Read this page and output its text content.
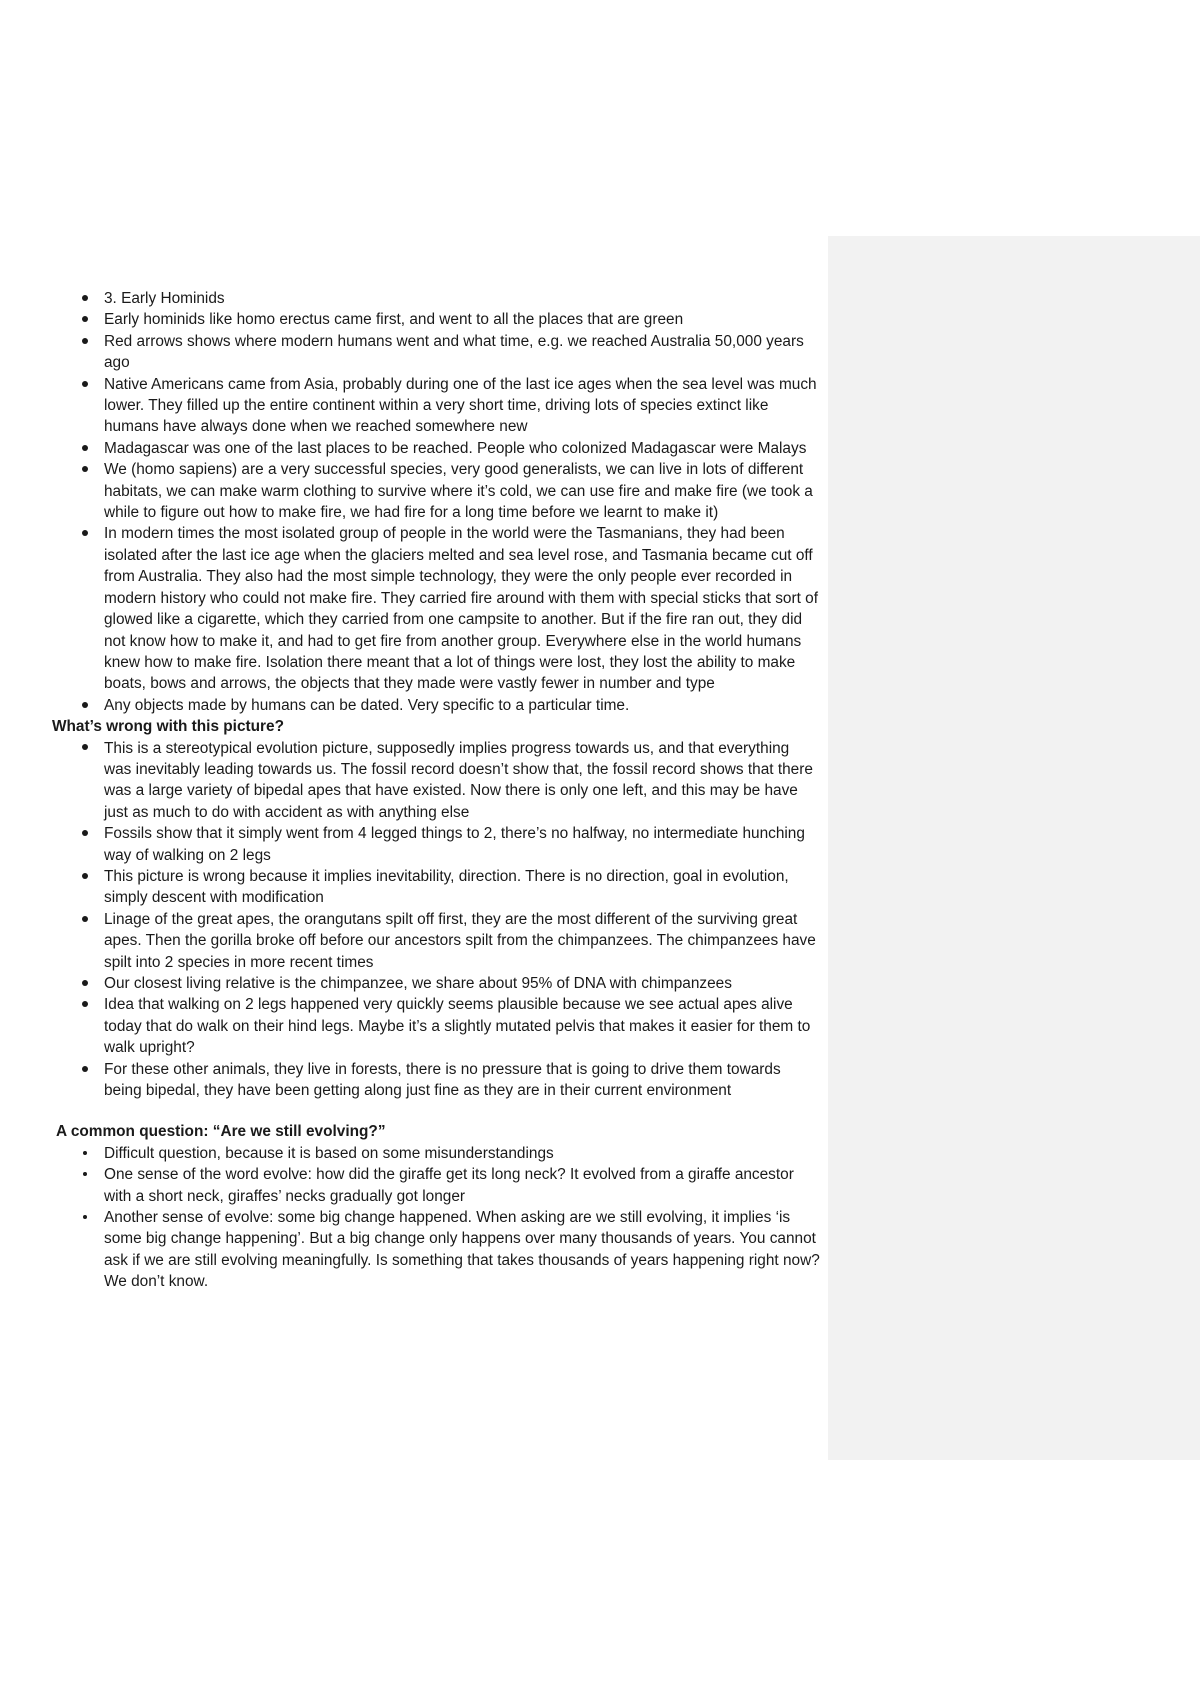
3. Early Hominids
Early hominids like homo erectus came first, and went to all the places that are green
Red arrows shows where modern humans went and what time, e.g. we reached Australia 50,000 years ago
Native Americans came from Asia, probably during one of the last ice ages when the sea level was much lower. They filled up the entire continent within a very short time, driving lots of species extinct like humans have always done when we reached somewhere new
Madagascar was one of the last places to be reached. People who colonized Madagascar were Malays
We (homo sapiens) are a very successful species, very good generalists, we can live in lots of different habitats, we can make warm clothing to survive where it’s cold, we can use fire and make fire (we took a while to figure out how to make fire, we had fire for a long time before we learnt to make it)
In modern times the most isolated group of people in the world were the Tasmanians, they had been isolated after the last ice age when the glaciers melted and sea level rose, and Tasmania became cut off from Australia. They also had the most simple technology, they were the only people ever recorded in modern history who could not make fire. They carried fire around with them with special sticks that sort of glowed like a cigarette, which they carried from one campsite to another. But if the fire ran out, they did not know how to make it, and had to get fire from another group. Everywhere else in the world humans knew how to make fire. Isolation there meant that a lot of things were lost, they lost the ability to make boats, bows and arrows, the objects that they made were vastly fewer in number and type
Any objects made by humans can be dated. Very specific to a particular time.

What’s wrong with this picture?

This is a stereotypical evolution picture, supposedly implies progress towards us, and that everything was inevitably leading towards us. The fossil record doesn’t show that, the fossil record shows that there was a large variety of bipedal apes that have existed. Now there is only one left, and this may be have just as much to do with accident as with anything else
Fossils show that it simply went from 4 legged things to 2, there’s no halfway, no intermediate hunching way of walking on 2 legs
This picture is wrong because it implies inevitability, direction. There is no direction, goal in evolution, simply descent with modification
Linage of the great apes, the orangutans spilt off first, they are the most different of the surviving great apes. Then the gorilla broke off before our ancestors spilt from the chimpanzees. The chimpanzees have spilt into 2 species in more recent times
Our closest living relative is the chimpanzee, we share about 95% of DNA with chimpanzees
Idea that walking on 2 legs happened very quickly seems plausible because we see actual apes alive today that do walk on their hind legs. Maybe it’s a slightly mutated pelvis that makes it easier for them to walk upright?
For these other animals, they live in forests, there is no pressure that is going to drive them towards being bipedal, they have been getting along just fine as they are in their current environment

A common question: “Are we still evolving?”

Difficult question, because it is based on some misunderstandings
One sense of the word evolve: how did the giraffe get its long neck? It evolved from a giraffe ancestor with a short neck, giraffes’ necks gradually got longer
Another sense of evolve: some big change happened. When asking are we still evolving, it implies ‘is some big change happening’. But a big change only happens over many thousands of years. You cannot ask if we are still evolving meaningfully. Is something that takes thousands of years happening right now? We don’t know.
